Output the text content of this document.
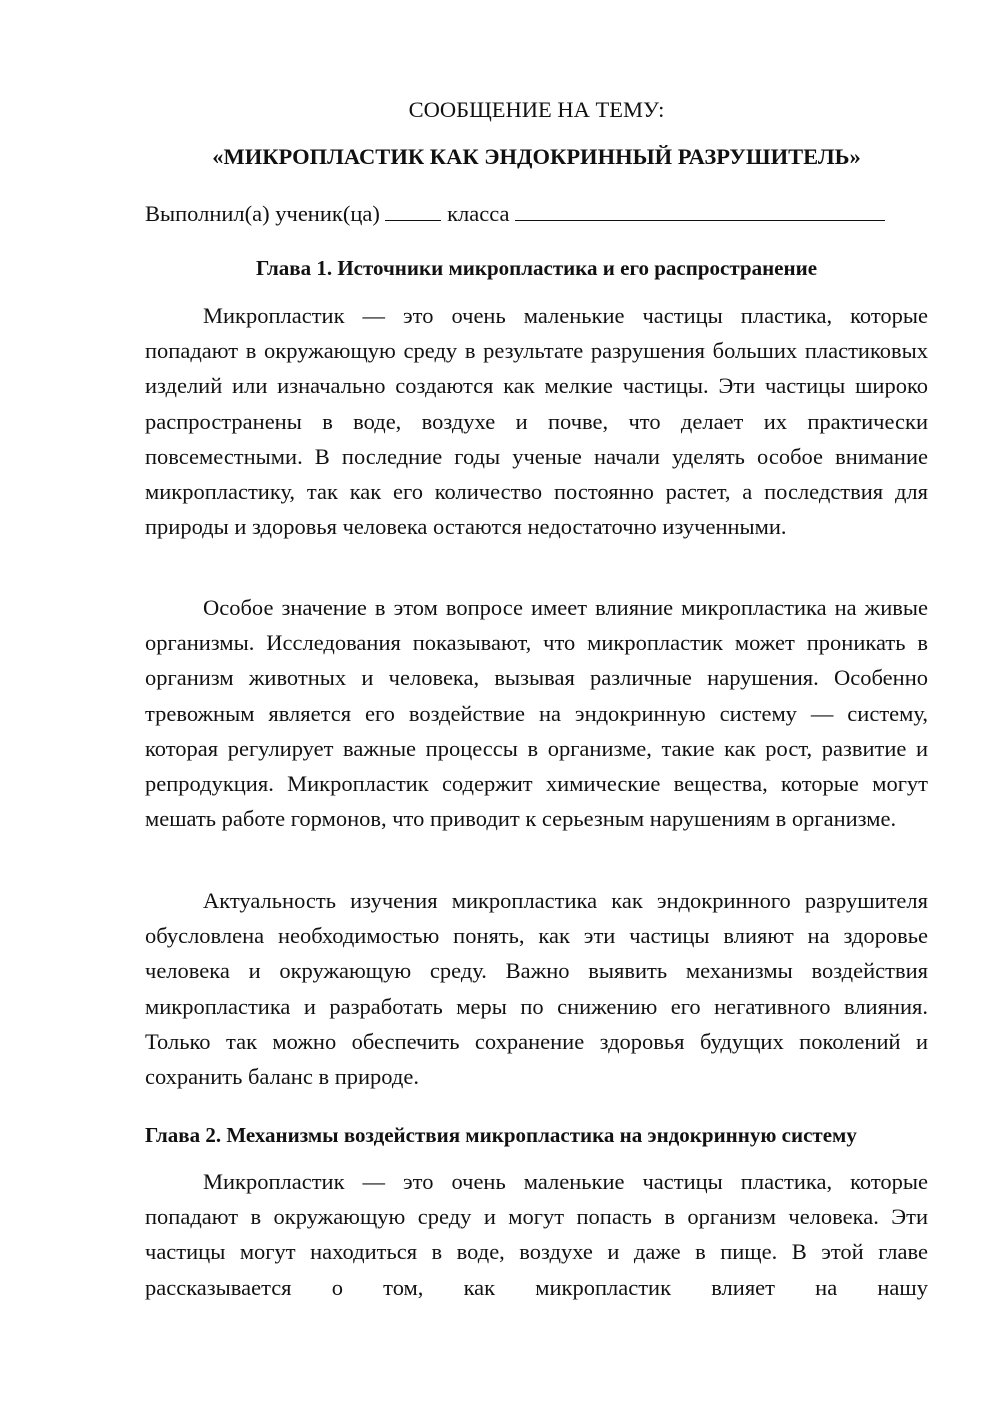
СООБЩЕНИЕ НА ТЕМУ:
«МИКРОПЛАСТИК КАК ЭНДОКРИННЫЙ РАЗРУШИТЕЛЬ»
Выполнил(а) ученик(ца)	класса
Глава 1. Источники микропластика и его распространение

Микропластик — это очень маленькие частицы пластика, которые попадают в окружающую среду в результате разрушения больших пластиковых изделий или изначально создаются как мелкие частицы. Эти частицы широко распространены в воде, воздухе и почве, что делает их практически повсеместными. В последние годы ученые начали уделять особое внимание микропластику, так как его количество постоянно растет, а последствия для природы и здоровья человека остаются недостаточно изученными.

Особое значение в этом вопросе имеет влияние микропластика на живые организмы. Исследования показывают, что микропластик может проникать в организм животных и человека, вызывая различные нарушения. Особенно тревожным является его воздействие на эндокринную систему — систему, которая регулирует важные процессы в организме, такие как рост, развитие и репродукция. Микропластик содержит химические вещества, которые могут мешать работе гормонов, что приводит к серьезным нарушениям в организме.

Актуальность изучения микропластика как эндокринного разрушителя обусловлена необходимостью понять, как эти частицы влияют на здоровье человека и окружающую среду. Важно выявить механизмы воздействия микропластика и разработать меры по снижению его негативного влияния. Только так можно обеспечить сохранение здоровья будущих поколений и сохранить баланс в природе.

Глава 2. Механизмы воздействия микропластика на эндокринную систему

Микропластик — это очень маленькие частицы пластика, которые попадают в окружающую среду и могут попасть в организм человека. Эти частицы могут находиться в воде, воздухе и даже в пище. В этой главе рассказывается о том, как микропластик влияет на нашу
